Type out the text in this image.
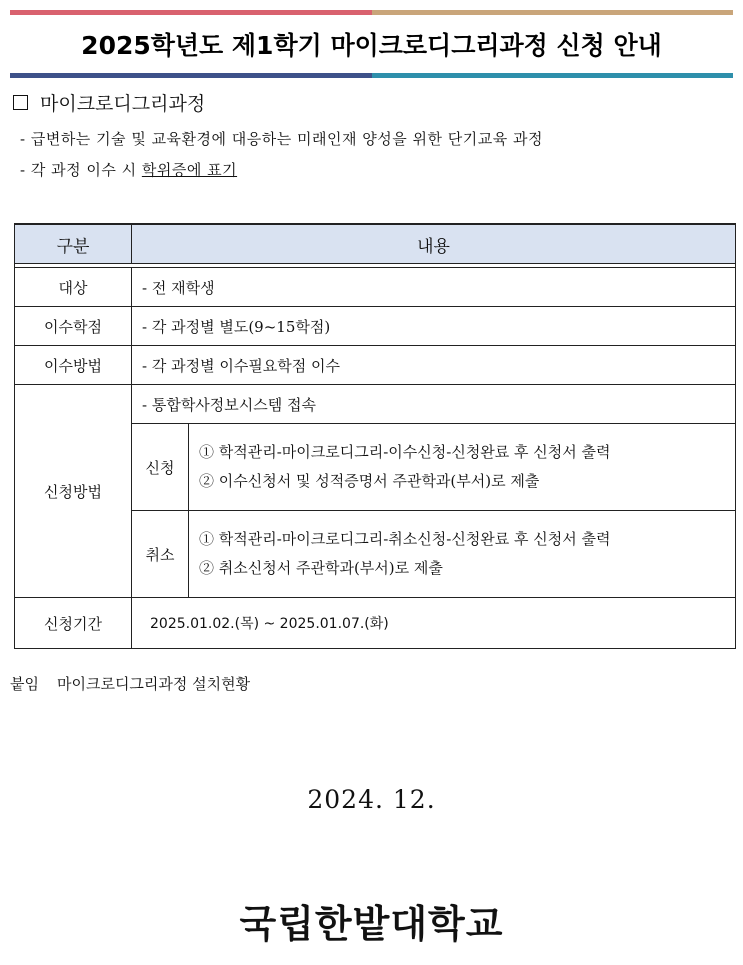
2025학년도 제1학기 마이크로디그리과정 신청 안내
마이크로디그리과정
- 급변하는 기술 및 교육환경에 대응하는 미래인재 양성을 위한 단기교육 과정
- 각 과정 이수 시 학위증에 표기
구분	내용	

대상	- 전 재학생	
이수학점	- 각 과정별 별도(9~15학점)	
이수방법	- 각 과정별 이수필요학점 이수	
신청방법	- 통합학사정보시스템 접속	
	신청	① 학적관리-마이크로디그리-이수신청-신청완료 후 신청서 출력
② 이수신청서 및 성적증명서 주관학과(부서)로 제출

	취소	① 학적관리-마이크로디그리-취소신청-신청완료 후 신청서 출력
② 취소신청서 주관학과(부서)로 제출

신청기간	2025.01.02.(목) ~ 2025.01.07.(화)	
붙임 마이크로디그리과정 설치현황
2024. 12.
국립한밭대학교
